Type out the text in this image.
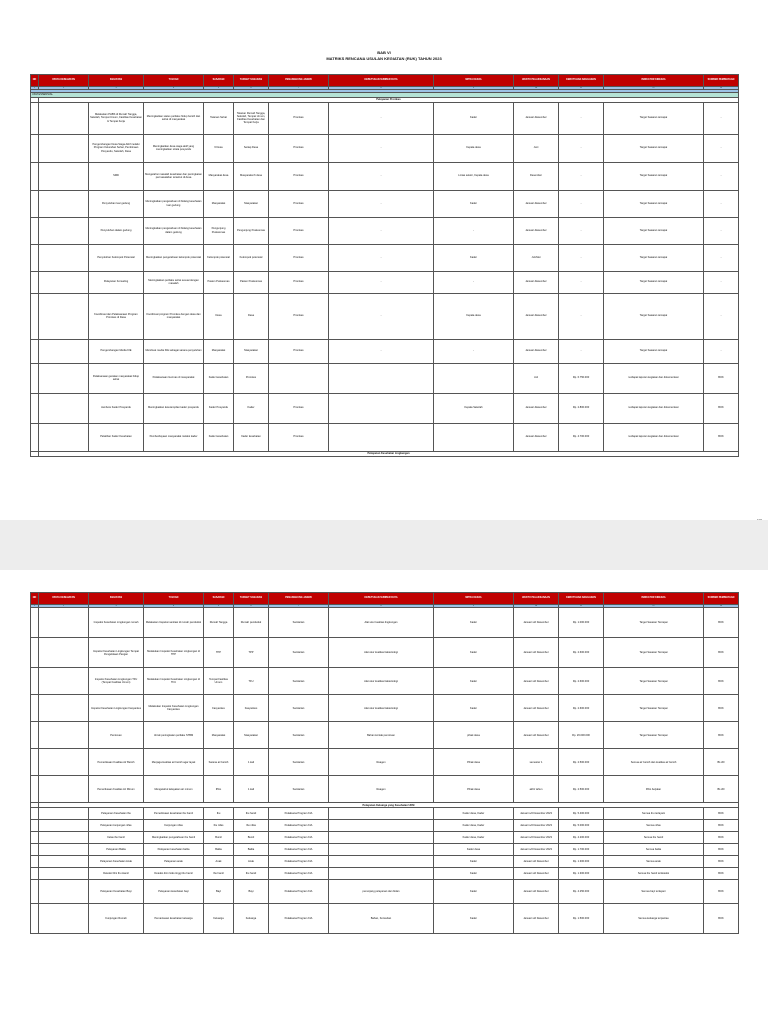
BAB VI
MATRIKS RENCANA USULAN KEGIATAN (RUK) TAHUN 2023
NO	UPAYA KESEHATAN	KEGIATAN	TUJUAN	SASARAN	TARGET SASARAN	PENANGGUNG JAWAB	KEBUTUHAN SUMBER DAYA	MITRA KERJA	WAKTU PELAKSANAAN	KEBUTUHAN ANGGARAN	INDIKATOR KINERJA	SUMBER PEMBIAYAAN
1	2	3	4	5	6	7	8	9	10	11	12	13

UKM ESSENSIAL												
	Pelayanan Promkes											
		Melakukan PHBS di Rumah Tangga, Sekolah, Tempat Umum, Fasilitas Kesehatan & Tempat Kerja	Meningkatkan status perilaku hidup bersih dan sehat di masyarakat	Tatanan Sehat	Tatanan Rumah Tangga, Sekolah, Tempat Umum, Fasilitas Kesehatan dan Tempat Kerja	Promkes	-	Kader	Januari-Desember	-	Target Sasaran tercapai	-
		Pengembangan Desa Siaga Aktif melalui Program Kelurahan Sehat, Pembinaan Posyandu, Sekolah, Desa	Meningkatkan desa siaga aktif yang meningkatkan strata posyandu	6 Desa	Setiap Desa	Promkes	-	Kepala desa	Juni	-	Target Sasaran tercapai	-
		SMD	Mengetahui masalah kesehatan dan peningkatan permasalahan tersebut di desa	Masyarakat desa	Masyarakat 6 desa	Promkes	-	Lintas sektor, Kepala desa	Desember	-	Target Sasaran tercapai	-
		Penyuluhan luar gedung	Meningkatkan pengetahuan di bidang kesehatan luar gedung	Masyarakat	Masyarakat	Promkes	-	Kader	Januari-Desember	-	Target Sasaran tercapai	-
		Penyuluhan dalam gedung	Meningkatkan pengetahuan di bidang kesehatan dalam gedung	Pengunjung Puskesmas	Pengunjung Puskesmas	Promkes	-	-	Januari-Desember	-	Target Sasaran tercapai	-
		Penyuluhan Kelompok Potensial	Meningkatkan pengetahuan kelompok potensial	Kelompok potensial	Kelompok potensial	Promkes	-	Kader	Juli-Mei	-	Target Sasaran tercapai	-
		Pelayanan Konseling	Meningkatkan perilaku sehat sesuai dengan masalah	Pasien Puskesmas	Pasien Puskesmas	Promkes	-	-	Januari-Desember	-	Target Sasaran tercapai	-
		Koordinasi dan Pelaksanaan Program Promkes di Desa	Koordinasi program Promkes dengan desa dan masyarakat	Desa	Desa	Promkes	-	Kepala desa	Januari-Desember	-	Target Sasaran tercapai	-
		Pengembangan Media KIE	Membuat media KIE sebagai sarana penyuluhan	Masyarakat	Masyarakat	Promkes	-	-	Januari-Desember	-	Target Sasaran tercapai	-
		Pelaksanaan gerakan masyarakat hidup sehat	Pelaksanaan Germas di masyarakat	Kader kesehatan	Promkes				Juli	Rp. 6.750.000	terdapat laporan kegiatan dan dokumentasi	BOK
		Jambore Kader Posyandu	Meningkatkan keterampilan kader posyandu	Kader Posyandu	Kader	Promkes		Kepala Sekolah	Januari-Desember	Rp. 2.800.000	terdapat laporan kegiatan dan dokumentasi	BOK
		Pelatihan Kader Kesehatan	Pemberdayaan masyarakat melalui kader	Kader kesehatan	Kader kesehatan	Promkes			Januari-Desember	Rp. 4.700.000	terdapat laporan kegiatan dan dokumentasi	BOK
	Pelayanan Kesehatan Lingkungan											
100
NO	UPAYA KESEHATAN	KEGIATAN	TUJUAN	SASARAN	TARGET SASARAN	PENANGGUNG JAWAB	KEBUTUHAN SUMBER DAYA	MITRA KERJA	WAKTU PELAKSANAAN	KEBUTUHAN ANGGARAN	INDIKATOR KINERJA	SUMBER PEMBIAYAAN
1	2	3	4	5	6	7	8	9	10	11	12	13
		Inspeksi Kesehatan Lingkungan rumah	Melakukan Inspeksi sanitasi di rumah penduduk	Rumah Tangga	Rumah penduduk	Sanitarian	Alat ukur kualitas lingkungan	Kader	Januari s/d Desember	Rp. 1.000.000	Target Sasaran Tercapai	BOK
		Inspeksi Kesehatan Lingkungan Tempat Pengelolaan Pangan	Melakukan Inspeksi Kesehatan Lingkungan di TPP	TPP	TPP	Sanitarian	Alat ukur kualitas bakteriologi	Kader	Januari s/d Desember	Rp. 2.600.000	Target Sasaran Tercapai	BOK
		Inspeksi Kesehatan Lingkungan TFU (Tempat Fasilitas Umum)	Melakukan Inspeksi Kesehatan Lingkungan di TFU	Tempat Fasilitas Umum	TFU	Sanitarian	Alat ukur kualitas bakteriologi	Kader	Januari s/d Desember	Rp. 2.600.000	Target Sasaran Tercapai	BOK
		Inspeksi Kesehatan Lingkungan Fasyankes	Melakukan Inspeksi Kesehatan Lingkungan Fasyankes	Fasyankes	Fasyankes	Sanitarian	Alat ukur kualitas bakteriologi	Kader	Januari s/d Desember	Rp. 2.600.000	Target Sasaran Tercapai	BOK
		Pemicuan	Untuk peningkatan perilaku STBM	Masyarakat	Masyarakat	Sanitarian	Bahan kontak pemicuan	pihak desa	Januari s/d Desember	Rp. 26.000.000	Target Sasaran Tercapai	BOK
		Pemeriksaan Kualitas Air Bersih	Menjaga kualitas air bersih agar layak	Sarana air bersih	1 kali	Sanitarian	Reagen	Pihak desa	semester 1	Rp. 2.500.000	Semua air bersih dan kualitas air bersih	BLUD
		Pemeriksaan Kualitas Air Minum	Mengetahui kelayakan air minum	IPAL	1 kali	Sanitarian	Reagen	Pihak desa	akhir tahun	Rp. 2.500.000	IPAL berjalan	BLUD
	Pelayanan Keluarga yang Kesehatan UKM											
		Pelayanan Kesehatan Ibu	Pemeriksaan kesehatan ibu hamil	Ibu	Ibu hamil	Pelaksana Program KIA		Kader desa, Kader	Januari s/d Desember 2023	Rp. 5.400.000	Semua ibu terlayani	BOK
		Pelayanan kunjungan nifas	Kunjungan nifas	Ibu nifas	Ibu nifas	Pelaksana Program KIA		Kader desa, Kader	Januari s/d Desember 2023	Rp. 5.000.000	Semua nifas	BOK
		Kelas ibu hamil	Meningkatkan pengetahuan ibu hamil	Bumil	Bumil	Pelaksana Program KIA		Kader desa, Kader	Januari s/d Desember 2023	Rp. 4.200.000	Semua ibu hamil	BOK
		Pelayanan Balita	Pelayanan kesehatan balita	Balita	Balita	Pelaksana Program KIA		Kader desa	Januari s/d Desember 2023	Rp. 1.700.000	Semua balita	BOK
		Pelayanan Kesehatan Anak	Pelayanan anak	Anak	Anak	Pelaksana Program KIA		Kader	Januari s/d Desember	Rp. 1.300.000	Semua anak	BOK
		Deteksi Dini Ibu Hamil	Deteksi dini risiko tinggi ibu hamil	Ibu hamil	Ibu hamil	Pelaksana Program KIA		Kader	Januari s/d Desember	Rp. 1.300.000	Semua ibu hamil terdeteksi	BOK
		Pelayanan Kesehatan Bayi	Pelayanan kesehatan bayi	Bayi	Bayi	Pelaksana Program KIA	penunjang pelayanan dan bidan	Kader	Januari s/d Desember	Rp. 4.250.000	Semua bayi terlayani	BOK
		Kunjungan Rumah	Pemantauan kesehatan keluarga	Keluarga	Keluarga	Pelaksana Program KIA	Bahan, Konsultan	Kader	Januari s/d Desember	Rp. 1.500.000	Semua keluarga terpantau	BOK
